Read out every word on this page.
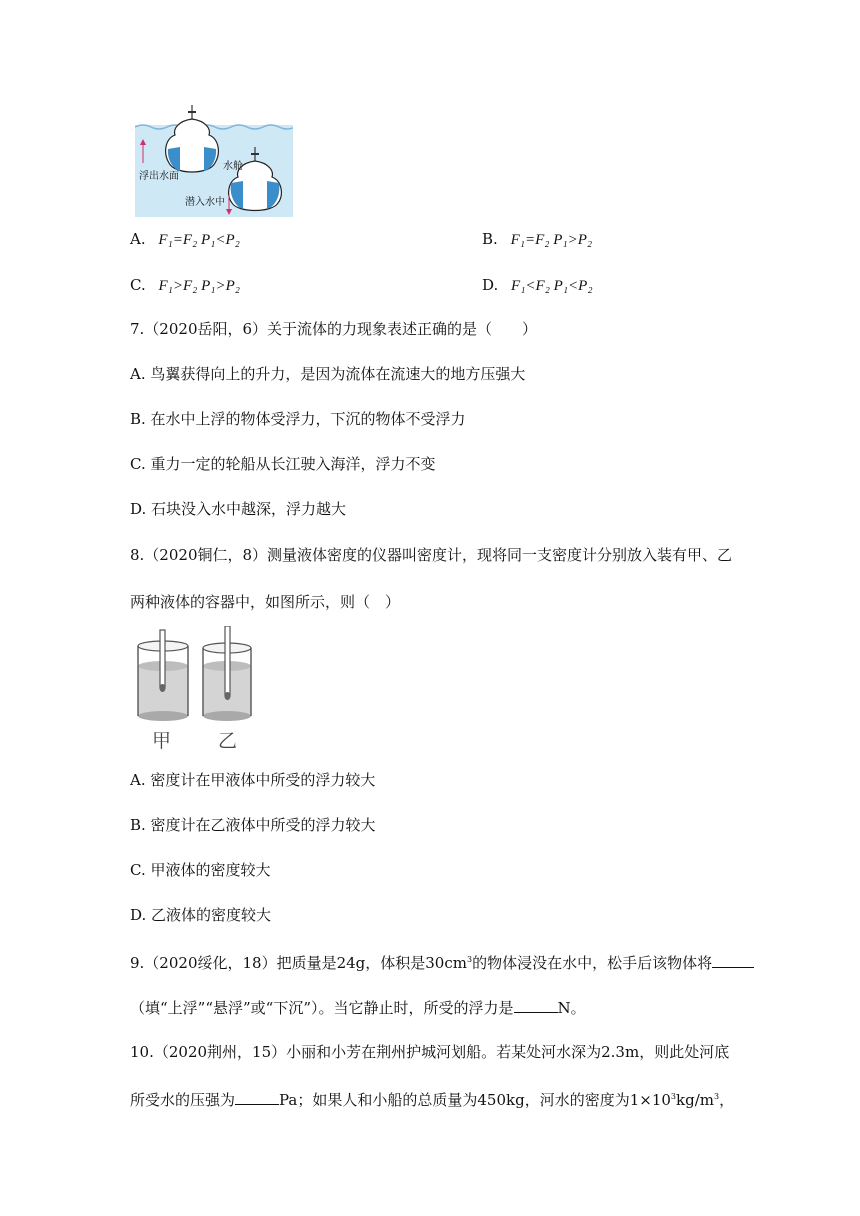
浮出水面
水舱
潜入水中
A. F₁=F₂ P₁<P₂	B. F₁=F₂ P₁>P₂
C. F₁>F₂ P₁>P₂	D. F₁<F₂ P₁<P₂
7.（2020岳阳，6）关于流体的力现象表述正确的是（　　）
A. 鸟翼获得向上的升力，是因为流体在流速大的地方压强大
B. 在水中上浮的物体受浮力，下沉的物体不受浮力
C. 重力一定的轮船从长江驶入海洋，浮力不变
D. 石块没入水中越深，浮力越大
8.（2020铜仁，8）测量液体密度的仪器叫密度计，现将同一支密度计分别放入装有甲、乙
两种液体的容器中，如图所示，则（　）
甲 乙
A. 密度计在甲液体中所受的浮力较大
B. 密度计在乙液体中所受的浮力较大
C. 甲液体的密度较大
D. 乙液体的密度较大
9.（2020绥化，18）把质量是24g，体积是$30cm^3$的物体浸没在水中，松手后该物体将
（填“上浮”“悬浮”或“下沉”）。当它静止时，所受的浮力是	N。
10.（2020荆州，15）小丽和小芳在荆州护城河划船。若某处河水深为2.3m，则此处河底
所受水的压强为	Pa；如果人和小船的总质量为450kg，河水的密度为$1\times 10^3kg/m^3$，
